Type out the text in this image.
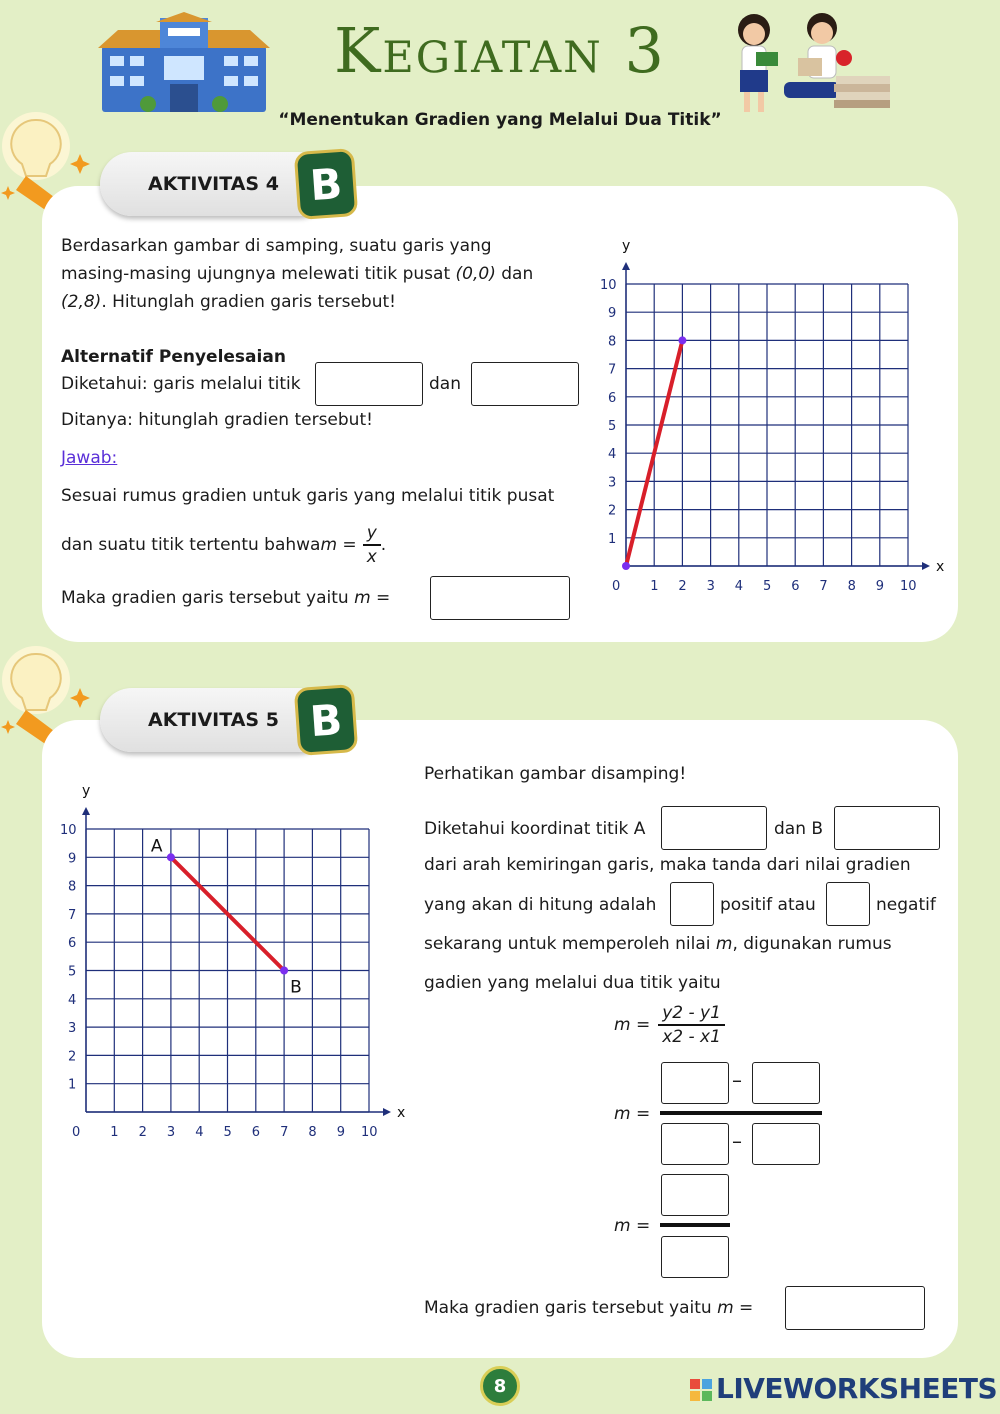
Kegiatan 3
“Menentukan Gradien yang Melalui Dua Titik”
AKTIVITAS 4 B
Berdasarkan gambar di samping, suatu garis yang
masing-masing ujungnya melewati titik pusat (0,0) dan
(2,8). Hitunglah gradien garis tersebut!
Alternatif Penyelesaian
Diketahui: garis melalui titik	dan
Ditanya: hitunglah gradien tersebut!
Jawab:
Sesuai rumus gradien untuk garis yang melalui titik pusat
dan suatu titik tertentu bahwa $m = \frac{y}{x}$ .
Maka gradien garis tersebut yaitu m =
x
y
0 1 2 3 4 5 6 7 8 9 10
1
2
3
4
5
6
7
8
9
10
AKTIVITAS 5 B
x
y
0 1 2 3 4 5 6 7 8 9 10
1
2
3
4
5
6
7
8
9
10
A
B
Perhatikan gambar disamping!
Diketahui koordinat titik A	dan B
dari arah kemiringan garis, maka tanda dari nilai gradien
yang akan di hitung adalah	positif atau	negatif
sekarang untuk memperoleh nilai m, digunakan rumus
gadien yang melalui dua titik yaitu
$m = \frac{y2 - y1}{x2 - x1}$
m =
–
–
m =
Maka gradien garis tersebut yaitu m =
8	LIVEWORKSHEETS
